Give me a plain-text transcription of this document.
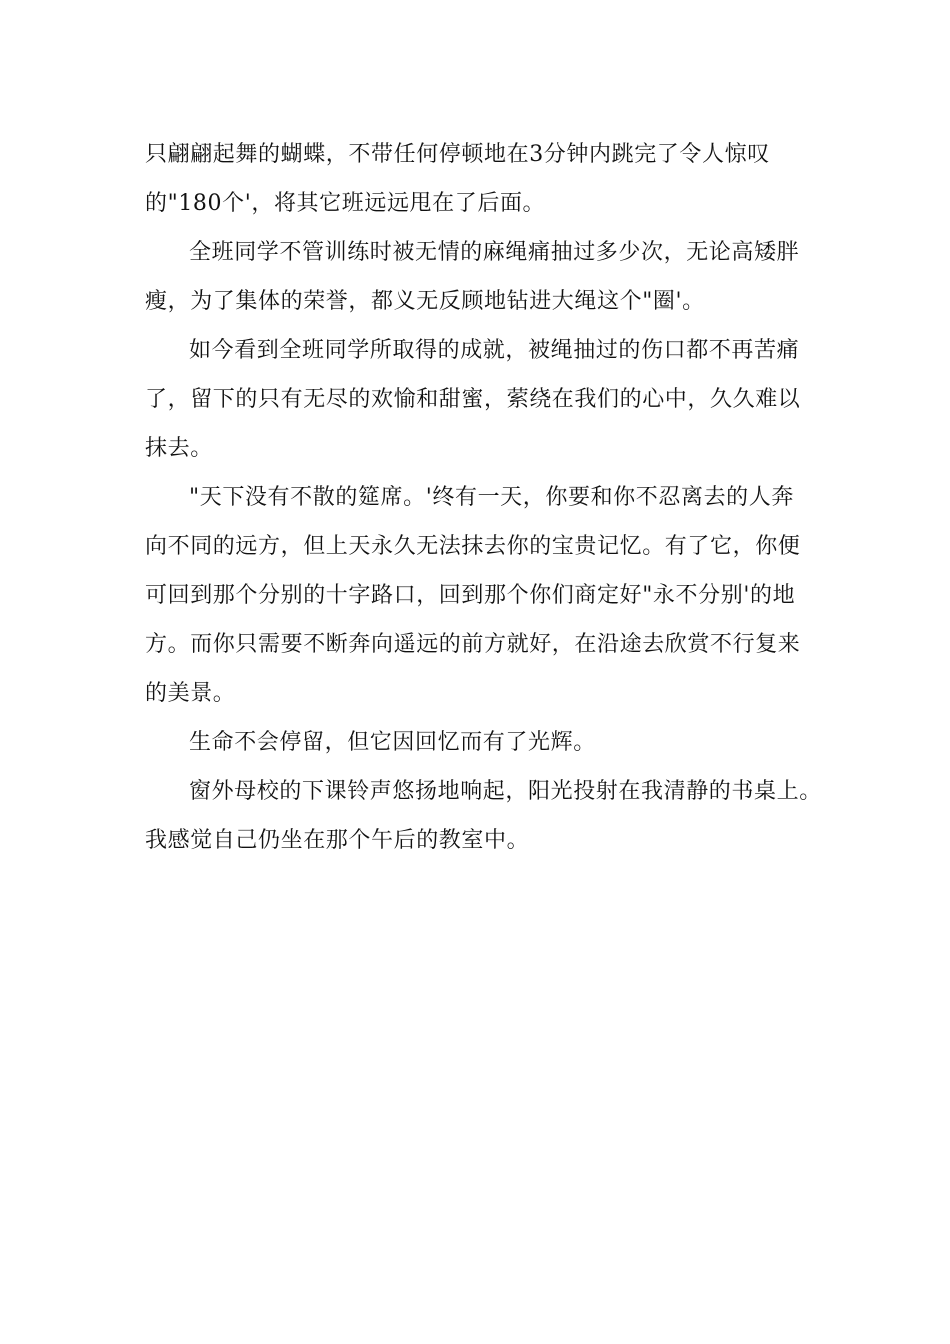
只翩翩起舞的蝴蝶，不带任何停顿地在3分钟内跳完了令人惊叹
的"180个'，将其它班远远甩在了后面。
全班同学不管训练时被无情的麻绳痛抽过多少次，无论高矮胖
瘦，为了集体的荣誉，都义无反顾地钻进大绳这个"圈'。
如今看到全班同学所取得的成就，被绳抽过的伤口都不再苦痛
了，留下的只有无尽的欢愉和甜蜜，萦绕在我们的心中，久久难以
抹去。
"天下没有不散的筵席。'终有一天，你要和你不忍离去的人奔
向不同的远方，但上天永久无法抹去你的宝贵记忆。有了它，你便
可回到那个分别的十字路口，回到那个你们商定好"永不分别'的地
方。而你只需要不断奔向遥远的前方就好，在沿途去欣赏不行复来
的美景。
生命不会停留，但它因回忆而有了光辉。
窗外母校的下课铃声悠扬地响起，阳光投射在我清静的书桌上。
我感觉自己仍坐在那个午后的教室中。
